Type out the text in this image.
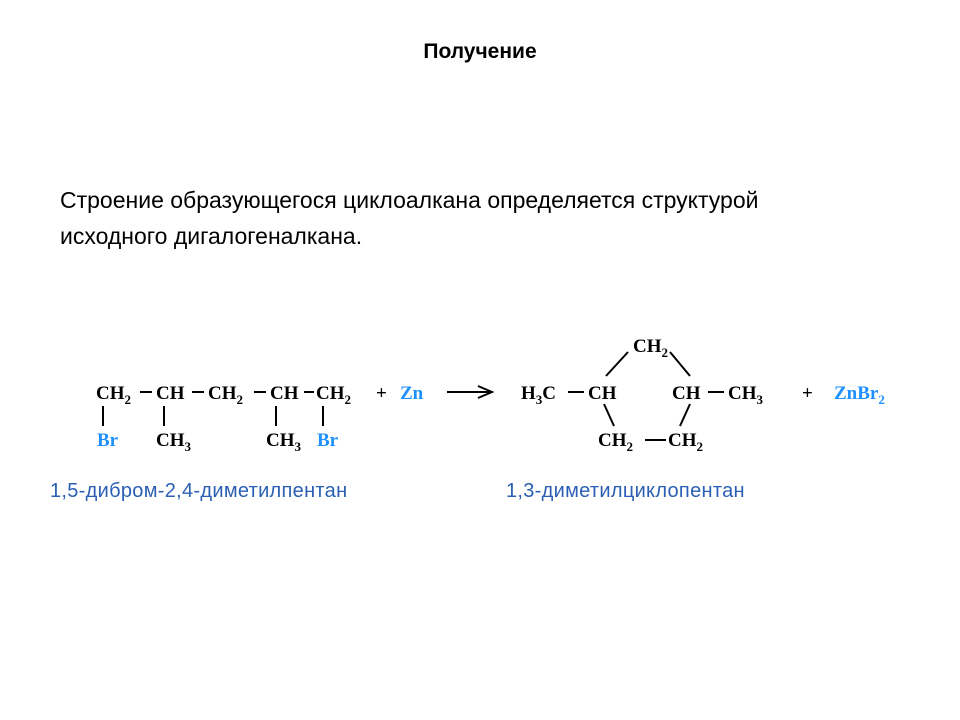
Получение
Строение образующегося циклоалкана определяется структурой
исходного дигалогеналкана.
$CH_2$ CH $CH_2$ CH $CH_2$
Br $CH_3$	$CH_3$ Br
+ Zn
$CH_2$
$H_3C$ CH	CH $CH_3$
$CH_2$ $CH_2$
+ ZnBr$_2$
1,5-дибром-2,4-диметилпентан	1,3-диметилциклопентан
